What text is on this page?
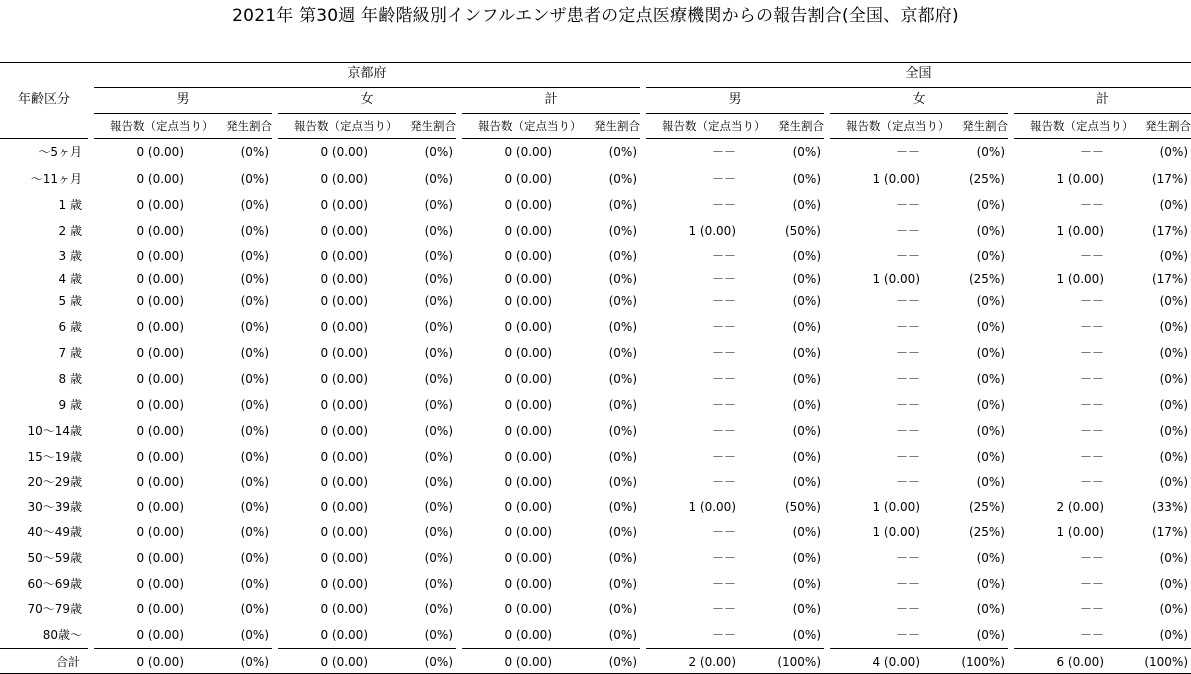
2021年 第30週 年齢階級別インフルエンザ患者の定点医療機関からの報告割合(全国、京都府)
年齢区分
京都府	全国
男
報告数（定点当り）	発生割合
女
報告数（定点当り）	発生割合
計
報告数（定点当り）	発生割合
男
報告数（定点当り）	発生割合
女
報告数（定点当り）	発生割合
計
報告数（定点当り）	発生割合
～5ヶ月	0 (0.00)	(0%)	0 (0.00)	(0%)	0 (0.00)	(0%)	－－	(0%)	－－	(0%)	－－	(0%)
～11ヶ月	0 (0.00)	(0%)	0 (0.00)	(0%)	0 (0.00)	(0%)	－－	(0%)	1 (0.00)	(25%)	1 (0.00)	(17%)
1 歳	0 (0.00)	(0%)	0 (0.00)	(0%)	0 (0.00)	(0%)	－－	(0%)	－－	(0%)	－－	(0%)
2 歳	0 (0.00)	(0%)	0 (0.00)	(0%)	0 (0.00)	(0%)	1 (0.00)	(50%)	－－	(0%)	1 (0.00)	(17%)
3 歳	0 (0.00)	(0%)	0 (0.00)	(0%)	0 (0.00)	(0%)	－－	(0%)	－－	(0%)	－－	(0%)
4 歳	0 (0.00)	(0%)	0 (0.00)	(0%)	0 (0.00)	(0%)	－－	(0%)	1 (0.00)	(25%)	1 (0.00)	(17%)
5 歳	0 (0.00)	(0%)	0 (0.00)	(0%)	0 (0.00)	(0%)	－－	(0%)	－－	(0%)	－－	(0%)
6 歳	0 (0.00)	(0%)	0 (0.00)	(0%)	0 (0.00)	(0%)	－－	(0%)	－－	(0%)	－－	(0%)
7 歳	0 (0.00)	(0%)	0 (0.00)	(0%)	0 (0.00)	(0%)	－－	(0%)	－－	(0%)	－－	(0%)
8 歳	0 (0.00)	(0%)	0 (0.00)	(0%)	0 (0.00)	(0%)	－－	(0%)	－－	(0%)	－－	(0%)
9 歳	0 (0.00)	(0%)	0 (0.00)	(0%)	0 (0.00)	(0%)	－－	(0%)	－－	(0%)	－－	(0%)
10～14歳	0 (0.00)	(0%)	0 (0.00)	(0%)	0 (0.00)	(0%)	－－	(0%)	－－	(0%)	－－	(0%)
15～19歳	0 (0.00)	(0%)	0 (0.00)	(0%)	0 (0.00)	(0%)	－－	(0%)	－－	(0%)	－－	(0%)
20～29歳	0 (0.00)	(0%)	0 (0.00)	(0%)	0 (0.00)	(0%)	－－	(0%)	－－	(0%)	－－	(0%)
30～39歳	0 (0.00)	(0%)	0 (0.00)	(0%)	0 (0.00)	(0%)	1 (0.00)	(50%)	1 (0.00)	(25%)	2 (0.00)	(33%)
40～49歳	0 (0.00)	(0%)	0 (0.00)	(0%)	0 (0.00)	(0%)	－－	(0%)	1 (0.00)	(25%)	1 (0.00)	(17%)
50～59歳	0 (0.00)	(0%)	0 (0.00)	(0%)	0 (0.00)	(0%)	－－	(0%)	－－	(0%)	－－	(0%)
60～69歳	0 (0.00)	(0%)	0 (0.00)	(0%)	0 (0.00)	(0%)	－－	(0%)	－－	(0%)	－－	(0%)
70～79歳	0 (0.00)	(0%)	0 (0.00)	(0%)	0 (0.00)	(0%)	－－	(0%)	－－	(0%)	－－	(0%)
80歳～	0 (0.00)	(0%)	0 (0.00)	(0%)	0 (0.00)	(0%)	－－	(0%)	－－	(0%)	－－	(0%)
合計	0 (0.00)	(0%)	0 (0.00)	(0%)	0 (0.00)	(0%)	2 (0.00)	(100%)	4 (0.00)	(100%)	6 (0.00)	(100%)
